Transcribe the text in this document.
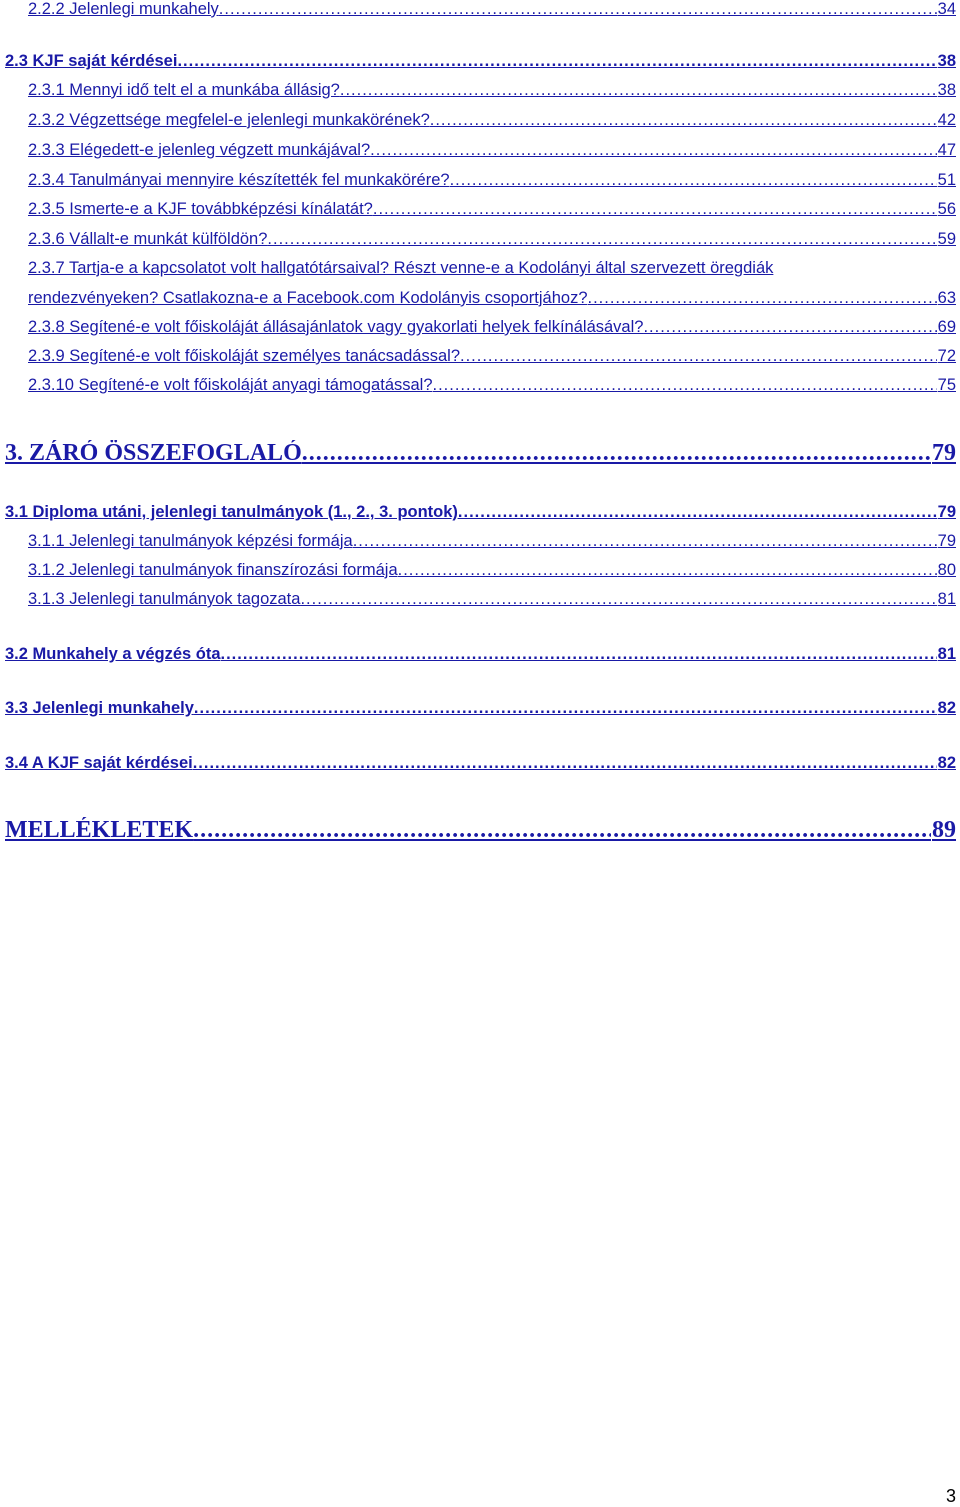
2.2.2 Jelenlegi munkahely .....	34
2.3 KJF saját kérdései .....	38
2.3.1 Mennyi idő telt el a munkába állásig? .....	38
2.3.2 Végzettsége megfelel-e jelenlegi munkakörének? .....	42
2.3.3 Elégedett-e jelenleg végzett munkájával? .....	47
2.3.4 Tanulmányai mennyire készítették fel munkakörére? .....	51
2.3.5 Ismerte-e a KJF továbbképzési kínálatát? .....	56
2.3.6 Vállalt-e munkát külföldön? .....	59
2.3.7 Tartja-e a kapcsolatot volt hallgatótársaival? Részt venne-e a Kodolányi által szervezett öregdiák
rendezvényeken? Csatlakozna-e a Facebook.com Kodolányis csoportjához? .....	63
2.3.8 Segítené-e volt főiskoláját állásajánlatok vagy gyakorlati helyek felkínálásával? .....	69
2.3.9 Segítené-e volt főiskoláját személyes tanácsadással? .....	72
2.3.10 Segítené-e volt főiskoláját anyagi támogatással? .....	75
3. ZÁRÓ ÖSSZEFOGLALÓ .....	79
3.1 Diploma utáni, jelenlegi tanulmányok (1., 2., 3. pontok) .....	79
3.1.1 Jelenlegi tanulmányok képzési formája .....	79
3.1.2 Jelenlegi tanulmányok finanszírozási formája .....	80
3.1.3 Jelenlegi tanulmányok tagozata .....	81
3.2 Munkahely a végzés óta .....	81
3.3 Jelenlegi munkahely .....	82
3.4 A KJF saját kérdései .....	82
MELLÉKLETEK .....	89
3
